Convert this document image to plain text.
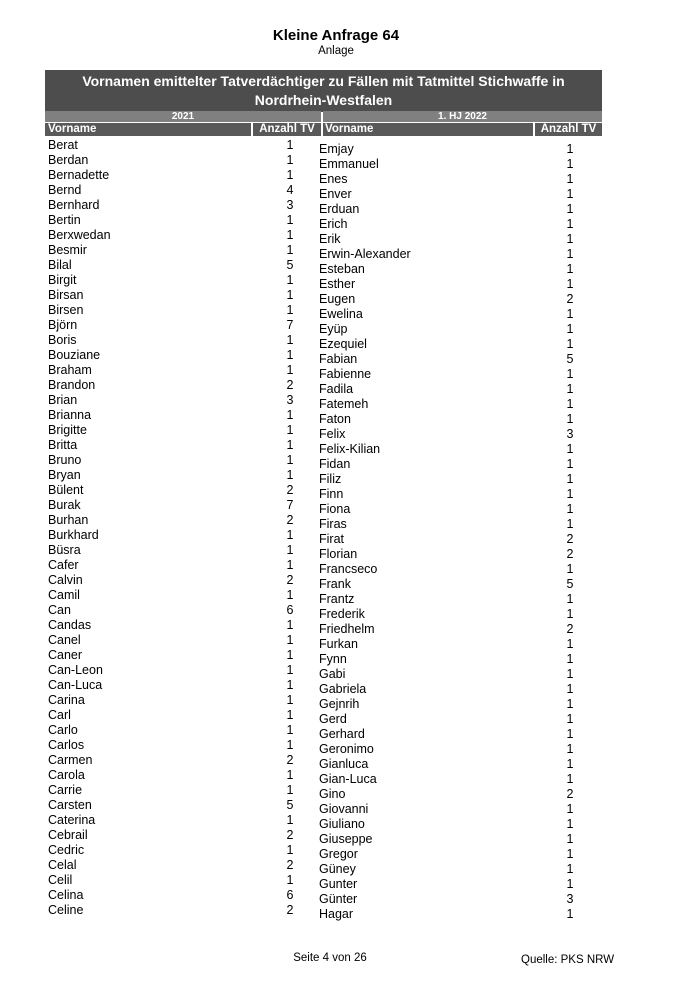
Kleine Anfrage 64
Anlage
Vornamen emittelter Tatverdächtiger zu Fällen mit Tatmittel Stichwaffe in
Nordrhein-Westfalen
2021	1. HJ 2022
Vorname	Anzahl TV Vorname	Anzahl TV
Berat	1
Berdan	1
Bernadette	1
Bernd	4
Bernhard	3
Bertin	1
Berxwedan	1
Besmir	1
Bilal	5
Birgit	1
Birsan	1
Birsen	1
Björn	7
Boris	1
Bouziane	1
Braham	1
Brandon	2
Brian	3
Brianna	1
Brigitte	1
Britta	1
Bruno	1
Bryan	1
Bülent	2
Burak	7
Burhan	2
Burkhard	1
Büsra	1
Cafer	1
Calvin	2
Camil	1
Can	6
Candas	1
Canel	1
Caner	1
Can-Leon	1
Can-Luca	1
Carina	1
Carl	1
Carlo	1
Carlos	1
Carmen	2
Carola	1
Carrie	1
Carsten	5
Caterina	1
Cebrail	2
Cedric	1
Celal	2
Celil	1
Celina	6
Celine	2
Emjay	1
Emmanuel	1
Enes	1
Enver	1
Erduan	1
Erich	1
Erik	1
Erwin-Alexander	1
Esteban	1
Esther	1
Eugen	2
Ewelina	1
Eyüp	1
Ezequiel	1
Fabian	5
Fabienne	1
Fadila	1
Fatemeh	1
Faton	1
Felix	3
Felix-Kilian	1
Fidan	1
Filiz	1
Finn	1
Fiona	1
Firas	1
Firat	2
Florian	2
Francseco	1
Frank	5
Frantz	1
Frederik	1
Friedhelm	2
Furkan	1
Fynn	1
Gabi	1
Gabriela	1
Gejnrih	1
Gerd	1
Gerhard	1
Geronimo	1
Gianluca	1
Gian-Luca	1
Gino	2
Giovanni	1
Giuliano	1
Giuseppe	1
Gregor	1
Güney	1
Gunter	1
Günter	3
Hagar	1
Seite 4 von 26	Quelle: PKS NRW
